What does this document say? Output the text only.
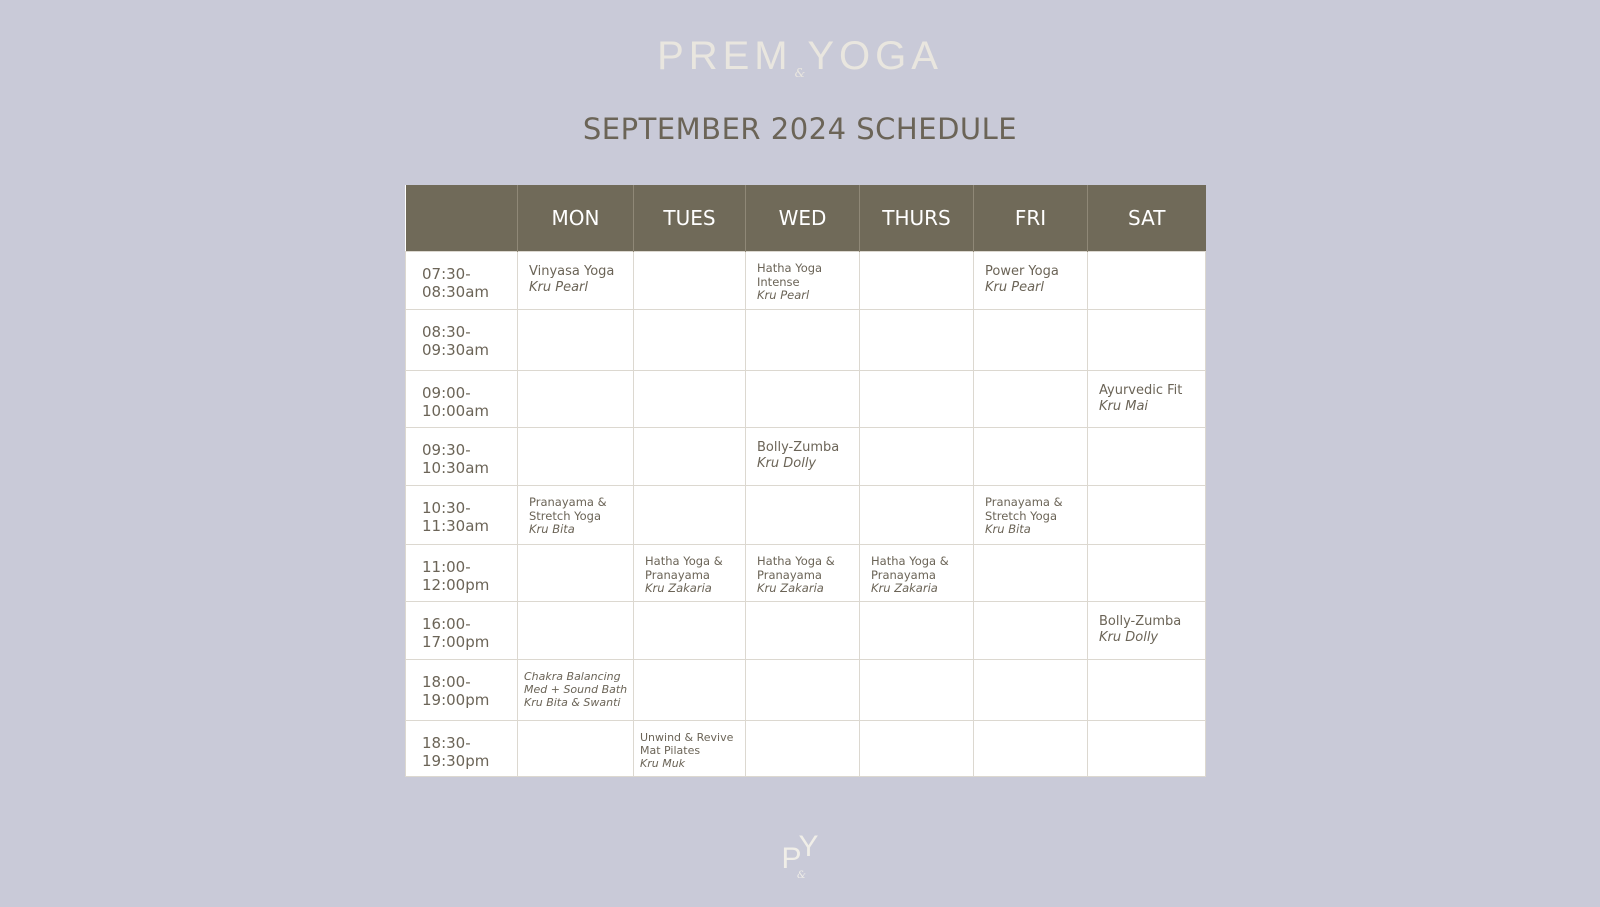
PREM $_{\&}$YOGA
SEPTEMBER 2024 SCHEDULE
	MON	TUES	WED	THURS	FRI	SAT

07:30-
08:30am	Vinyasa Yoga
Kru Pearl		Hatha Yoga
Intense
Kru Pearl		Power Yoga
Kru Pearl	

08:30-
09:30am						

09:00-
10:00am						Ayurvedic Fit
Kru Mai

09:30-
10:30am			Bolly-Zumba
Kru Dolly			

10:30-
11:30am	Pranayama &
Stretch Yoga
Kru Bita				Pranayama &
Stretch Yoga
Kru Bita	

11:00-
12:00pm		Hatha Yoga &
Pranayama
Kru Zakaria	Hatha Yoga &
Pranayama
Kru Zakaria	Hatha Yoga &
Pranayama
Kru Zakaria		

16:00-
17:00pm						Bolly-Zumba
Kru Dolly

18:00-
19:00pm	Chakra Balancing
Med + Sound Bath
Kru Bita & Swanti					

18:30-
19:30pm		Unwind & Revive
Mat Pilates
Kru Muk				

PY
&
